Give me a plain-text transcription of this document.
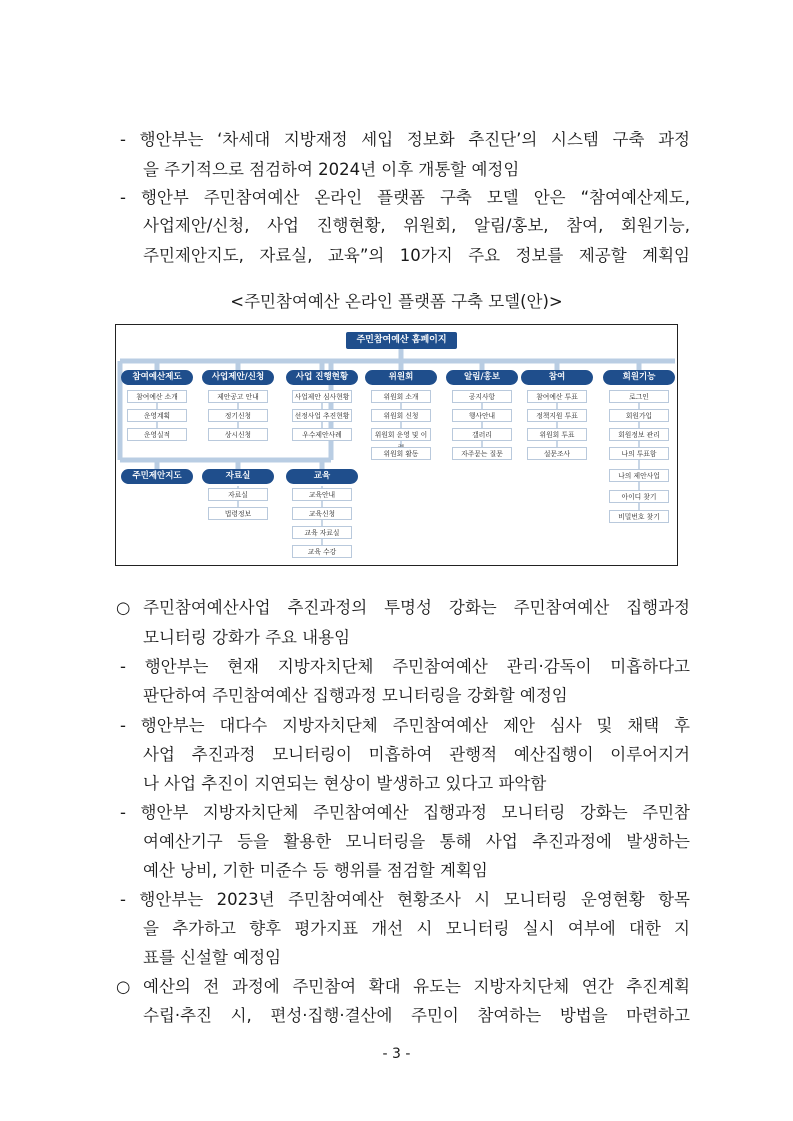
- 행안부는 ‘차세대 지방재정 세입 정보화 추진단’의 시스템 구축 과정
을 주기적으로 점검하여 2024년 이후 개통할 예정임
- 행안부 주민참여예산 온라인 플랫폼 구축 모델 안은 “참여예산제도,
사업제안/신청, 사업 진행현황, 위원회, 알림/홍보, 참여, 회원기능,
주민제안지도, 자료실, 교육”의 10가지 주요 정보를 제공할 계획임
<주민참여예산 온라인 플랫폼 구축 모델(안)>
주민참여예산 홈페이지
참여예산제도
참여예산 소개
운영계획
운영실적
사업제안/신청
제안공고 안내
정기신청
상시신청
사업 진행현황
사업제안 심사현황
선정사업 추진현황
우수제안사례
위원회
위원회 소개
위원회 신청
위원회 운영 및 이
위원회 활동
알림/홍보
공지사항
행사안내
갤러리
자주묻는 질문
참여
참여예산 투표
정책지원 투표
위원회 투표
설문조사
회원기능
로그인
회원가입
회원정보 관리
나의 투표함
나의 제안사업
아이디 찾기
비밀번호 찾기
주민제안지도	자료실
자료실
법령정보
교육
교육안내
교육신청
교육 자료실
교육 수강
○ 주민참여예산사업 추진과정의 투명성 강화는 주민참여예산 집행과정
모니터링 강화가 주요 내용임
- 행안부는 현재 지방자치단체 주민참여예산 관리·감독이 미흡하다고
판단하여 주민참여예산 집행과정 모니터링을 강화할 예정임
- 행안부는 대다수 지방자치단체 주민참여예산 제안 심사 및 채택 후
사업 추진과정 모니터링이 미흡하여 관행적 예산집행이 이루어지거
나 사업 추진이 지연되는 현상이 발생하고 있다고 파악함
- 행안부 지방자치단체 주민참여예산 집행과정 모니터링 강화는 주민참
여예산기구 등을 활용한 모니터링을 통해 사업 추진과정에 발생하는
예산 낭비, 기한 미준수 등 행위를 점검할 계획임
- 행안부는 2023년 주민참여예산 현황조사 시 모니터링 운영현황 항목
을 추가하고 향후 평가지표 개선 시 모니터링 실시 여부에 대한 지
표를 신설할 예정임
○ 예산의 전 과정에 주민참여 확대 유도는 지방자치단체 연간 추진계획
수립·추진 시, 편성·집행·결산에 주민이 참여하는 방법을 마련하고
- 3 -
